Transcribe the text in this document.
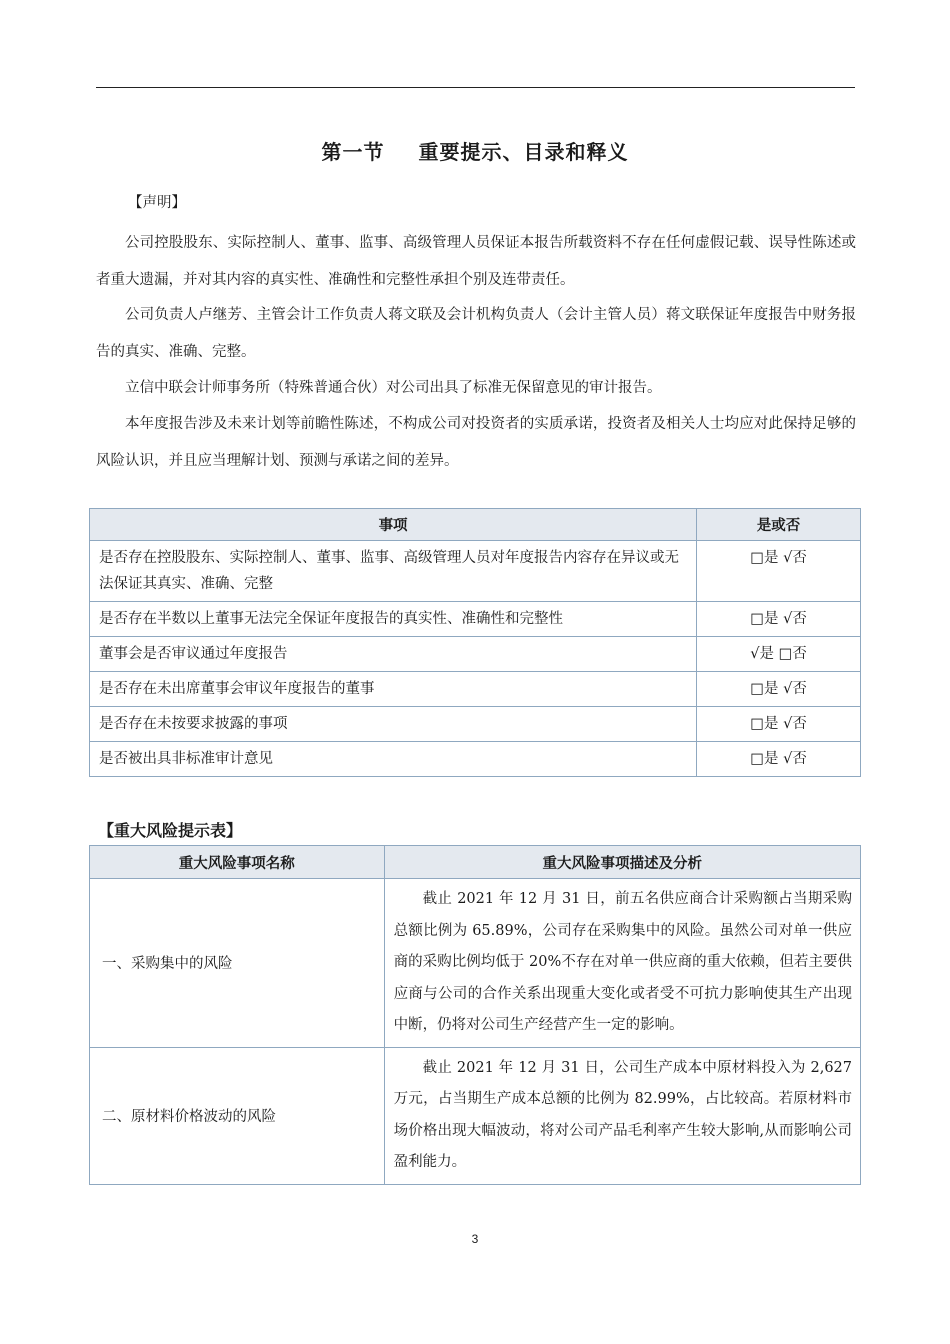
第一节 重要提示、目录和释义
【声明】
公司控股股东、实际控制人、董事、监事、高级管理人员保证本报告所载资料不存在任何虚假记载、误导性陈述或者重大遗漏，并对其内容的真实性、准确性和完整性承担个别及连带责任。
公司负责人卢继芳、主管会计工作负责人蒋文联及会计机构负责人（会计主管人员）蒋文联保证年度报告中财务报告的真实、准确、完整。
立信中联会计师事务所（特殊普通合伙）对公司出具了标准无保留意见的审计报告。
本年度报告涉及未来计划等前瞻性陈述，不构成公司对投资者的实质承诺，投资者及相关人士均应对此保持足够的风险认识，并且应当理解计划、预测与承诺之间的差异。
事项	是或否
是否存在控股股东、实际控制人、董事、监事、高级管理人员对年度报告内容存在异议或无法保证其真实、准确、完整	□是 √否
是否存在半数以上董事无法完全保证年度报告的真实性、准确性和完整性	□是 √否
董事会是否审议通过年度报告	√是 □否
是否存在未出席董事会审议年度报告的董事	□是 √否
是否存在未按要求披露的事项	□是 √否
是否被出具非标准审计意见	□是 √否
【重大风险提示表】
重大风险事项名称	重大风险事项描述及分析
一、采购集中的风险	截止 2021 年 12 月 31 日，前五名供应商合计采购额占当期采购总额比例为 65.89%，公司存在采购集中的风险。虽然公司对单一供应商的采购比例均低于 20%不存在对单一供应商的重大依赖，但若主要供应商与公司的合作关系出现重大变化或者受不可抗力影响使其生产出现中断，仍将对公司生产经营产生一定的影响。
二、原材料价格波动的风险	截止 2021 年 12 月 31 日，公司生产成本中原材料投入为 2,627 万元，占当期生产成本总额的比例为 82.99%，占比较高。若原材料市场价格出现大幅波动，将对公司产品毛利率产生较大影响,从而影响公司盈利能力。
3
